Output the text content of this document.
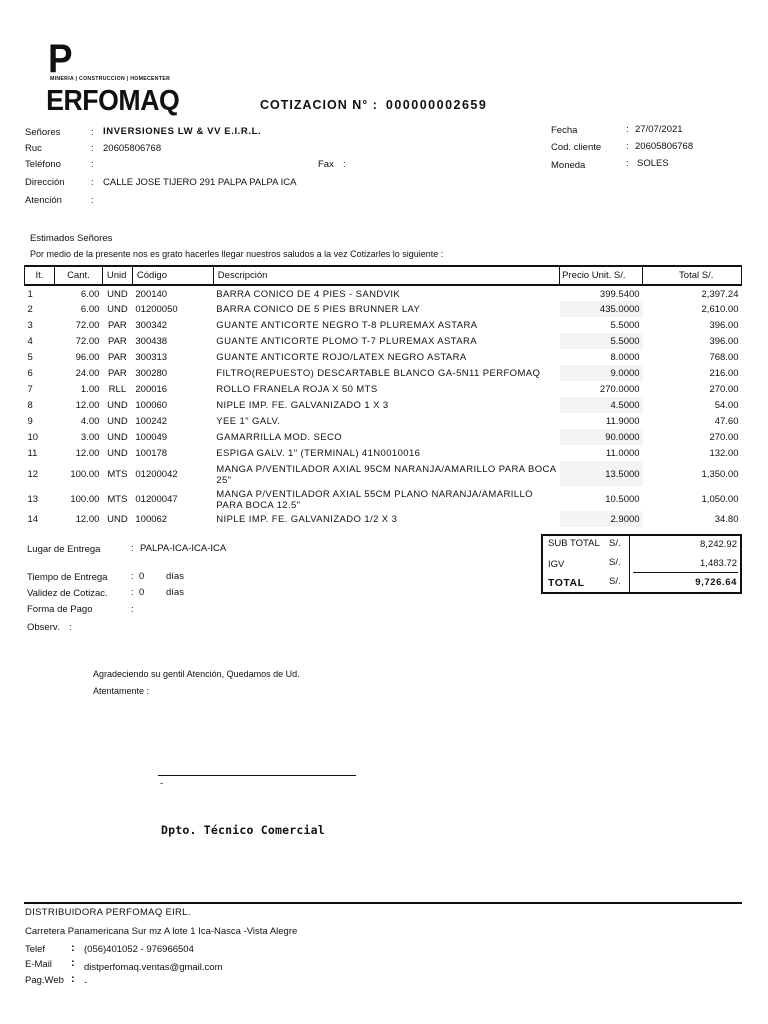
PERFOMAQ
MINERIA | CONSTRUCCION | HOMECENTER
COTIZACION N° : 000000002659
Señores	: INVERSIONES LW & VV E.I.R.L.
Ruc	: 20605806768
Teléfono	:	Fax :
Dirección	: CALLE JOSE TIJERO 291 PALPA PALPA ICA
Atención	:
Fecha	: 27/07/2021
Cod. cliente	: 20605806768
Moneda	: SOLES
Estimados Señores
Por medio de la presente nos es grato hacerles llegar nuestros saludos a la vez Cotizarles lo siguiente :
It.	Cant.	Unid	Código	Descripción	Precio Unit. S/.	Total S/.
1	6.00	UND	200140	BARRA CONICO DE 4 PIES - SANDVIK	399.5400	2,397.24
2	6.00	UND	01200050	BARRA CONICO DE 5 PIES BRUNNER LAY	435.0000	2,610.00
3	72.00	PAR	300342	GUANTE ANTICORTE NEGRO T-8 PLUREMAX ASTARA	5.5000	396.00
4	72.00	PAR	300438	GUANTE ANTICORTE PLOMO T-7 PLUREMAX ASTARA	5.5000	396.00
5	96.00	PAR	300313	GUANTE ANTICORTE ROJO/LATEX NEGRO ASTARA	8.0000	768.00
6	24.00	PAR	300280	FILTRO(REPUESTO) DESCARTABLE BLANCO GA-5N11 PERFOMAQ	9.0000	216.00
7	1.00	RLL	200016	ROLLO FRANELA ROJA X 50 MTS	270.0000	270.00
8	12.00	UND	100060	NIPLE IMP. FE. GALVANIZADO 1 X 3	4.5000	54.00
9	4.00	UND	100242	YEE 1" GALV.	11.9000	47.60
10	3.00	UND	100049	GAMARRILLA MOD. SECO	90.0000	270.00
11	12.00	UND	100178	ESPIGA GALV. 1" (TERMINAL) 41N0010016	11.0000	132.00
12	100.00	MTS	01200042	MANGA P/VENTILADOR AXIAL 95CM NARANJA/AMARILLO PARA BOCA 25"	13.5000	1,350.00
13	100.00	MTS	01200047	MANGA P/VENTILADOR AXIAL 55CM PLANO NARANJA/AMARILLO PARA BOCA 12.5"	10.5000	1,050.00
14	12.00	UND	100062	NIPLE IMP. FE. GALVANIZADO 1/2 X 3	2.9000	34.80
SUB TOTAL S/.	8,242.92
IGV	S/.	1,483.72
TOTAL	S/.	9,726.64
Lugar de Entrega	: PALPA-ICA-ICA-ICA
Tiempo de Entrega : 0 días
Validez de Cotizac. : 0 días
Forma de Pago	:
Observ. :
Agradeciendo su gentil Atención, Quedamos de Ud.
Atentamente :
-
Dpto. Técnico Comercial
DISTRIBUIDORA PERFOMAQ EIRL.
Carretera Panamericana Sur mz A lote 1 Ica-Nasca -Vista Alegre
Telef : (056)401052 - 976966504
E-Mail : distperfomaq.ventas@gmail.com
Pag.Web : -
